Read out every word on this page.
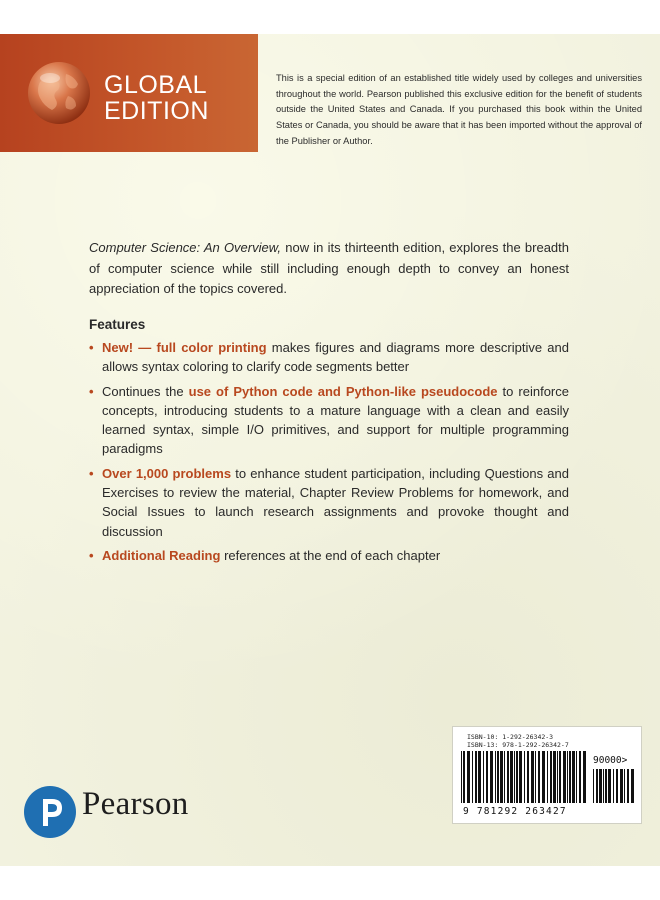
GLOBAL
EDITION
This is a special edition of an established title widely used by colleges and universities throughout the world. Pearson published this exclusive edition for the benefit of students outside the United States and Canada. If you purchased this book within the United States or Canada, you should be aware that it has been imported without the approval of the Publisher or Author.
Computer Science: An Overview, now in its thirteenth edition, explores the breadth of computer science while still including enough depth to convey an honest appreciation of the topics covered.
Features
• New! — full color printing makes figures and diagrams more descriptive and allows syntax coloring to clarify code segments better
• Continues the use of Python code and Python-like pseudocode to reinforce concepts, introducing students to a mature language with a clean and easily learned syntax, simple I/O primitives, and support for multiple programming paradigms
• Over 1,000 problems to enhance student participation, including Questions and Exercises to review the material, Chapter Review Problems for homework, and Social Issues to launch research assignments and provoke thought and discussion
• Additional Reading references at the end of each chapter
Pearson
ISBN-10: 1-292-26342-3
ISBN-13: 978-1-292-26342-7
90000>
9 781292 263427
